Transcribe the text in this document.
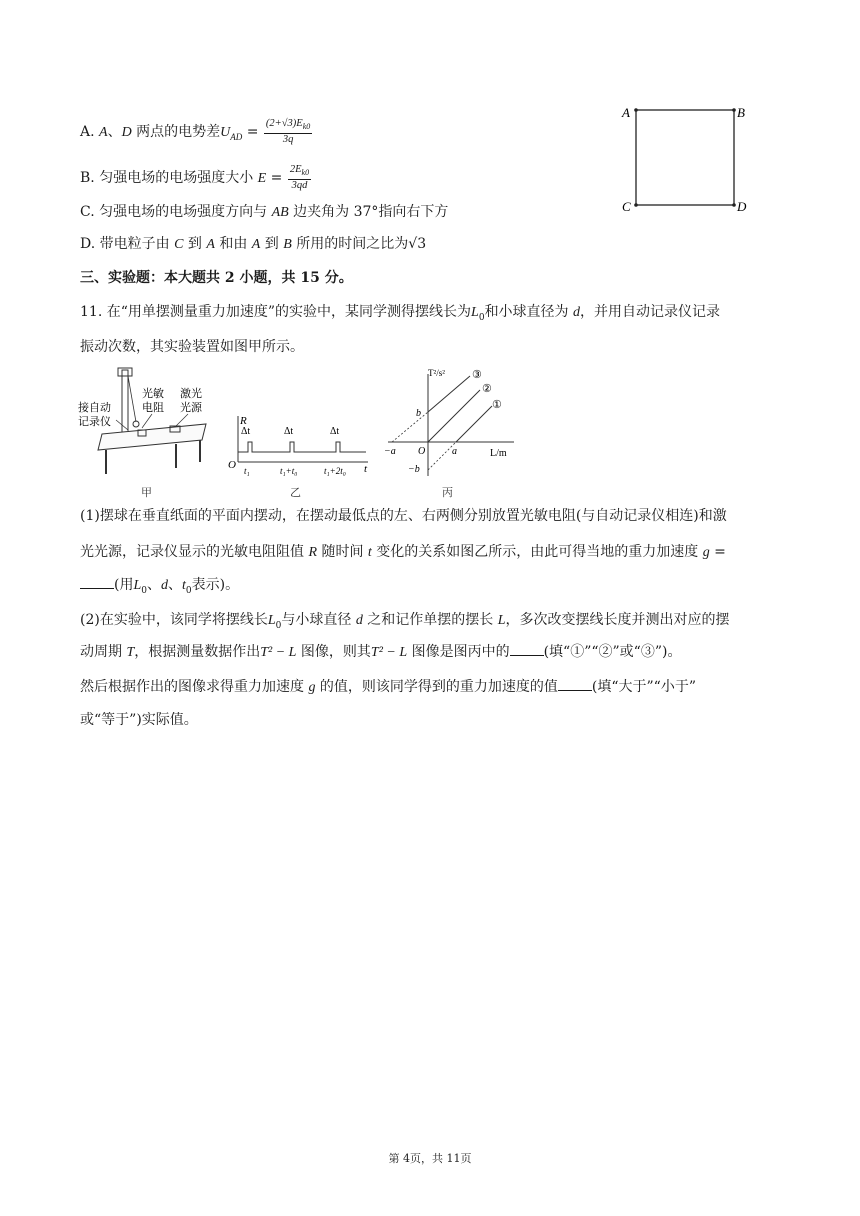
A	B
C	D
A. A、D 两点的电势差$U_{AD} = \frac{(2+√3)E_{k0}}{3q}$
B. 匀强电场的电场强度大小 $E = \frac{2E_{k0}}{3qd}$
C. 匀强电场的电场强度方向与 AB 边夹角为 37°指向右下方
D. 带电粒子由 C 到 A 和由 A 到 B 所用的时间之比为√3
三、实验题：本大题共 2 小题，共 15 分。
11. 在“用单摆测量重力加速度”的实验中，某同学测得摆线长为$L_0$和小球直径为 d，并用自动记录仪记录
振动次数，其实验装置如图甲所示。
接自动
记录仪
光敏
电阻
激光
光源
甲
R
O	t
Δt	Δt	Δt
t₁	t₁+t₀	t₁+2t₀
乙
T²/s²
L/m
O
b
−b
−a	a
③
②
①
丙
(1)摆球在垂直纸面的平面内摆动，在摆动最低点的左、右两侧分别放置光敏电阻(与自动记录仪相连)和激
光光源，记录仪显示的光敏电阻阻值 R 随时间 t 变化的关系如图乙所示，由此可得当地的重力加速度 g =
(用$L_0$、d、$t_0$表示)。
(2)在实验中，该同学将摆线长$L_0$与小球直径 d 之和记作单摆的摆长 L，多次改变摆线长度并测出对应的摆
动周期 T，根据测量数据作出T² − L 图像，则其T² − L 图像是图丙中的 (填“①”“②”或“③”)。
然后根据作出的图像求得重力加速度 g 的值，则该同学得到的重力加速度的值 (填“大于”“小于”
或“等于”)实际值。
第 4页，共 11页
